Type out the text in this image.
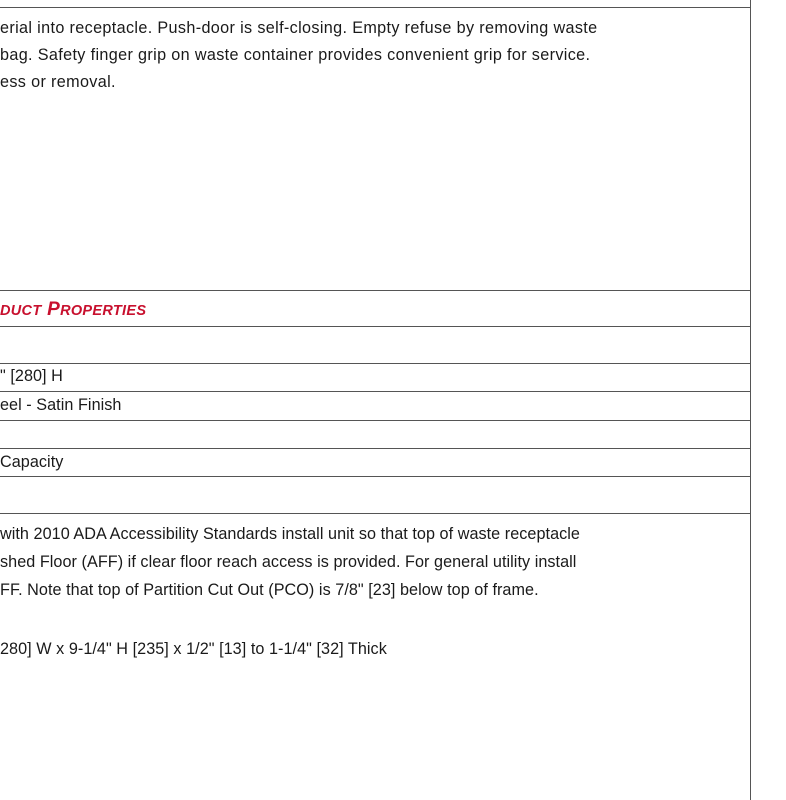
erial into receptacle. Push-door is self-closing. Empty refuse by removing waste
bag. Safety finger grip on waste container provides convenient grip for service.
ess or removal.
DUCT PROPERTIES
" [280] H
eel - Satin Finish
Capacity
with 2010 ADA Accessibility Standards install unit so that top of waste receptacle
shed Floor (AFF) if clear floor reach access is provided. For general utility install
FF. Note that top of Partition Cut Out (PCO) is 7/8" [23] below top of frame.
280] W x 9-1/4" H [235] x 1/2" [13] to 1-1/4" [32] Thick
